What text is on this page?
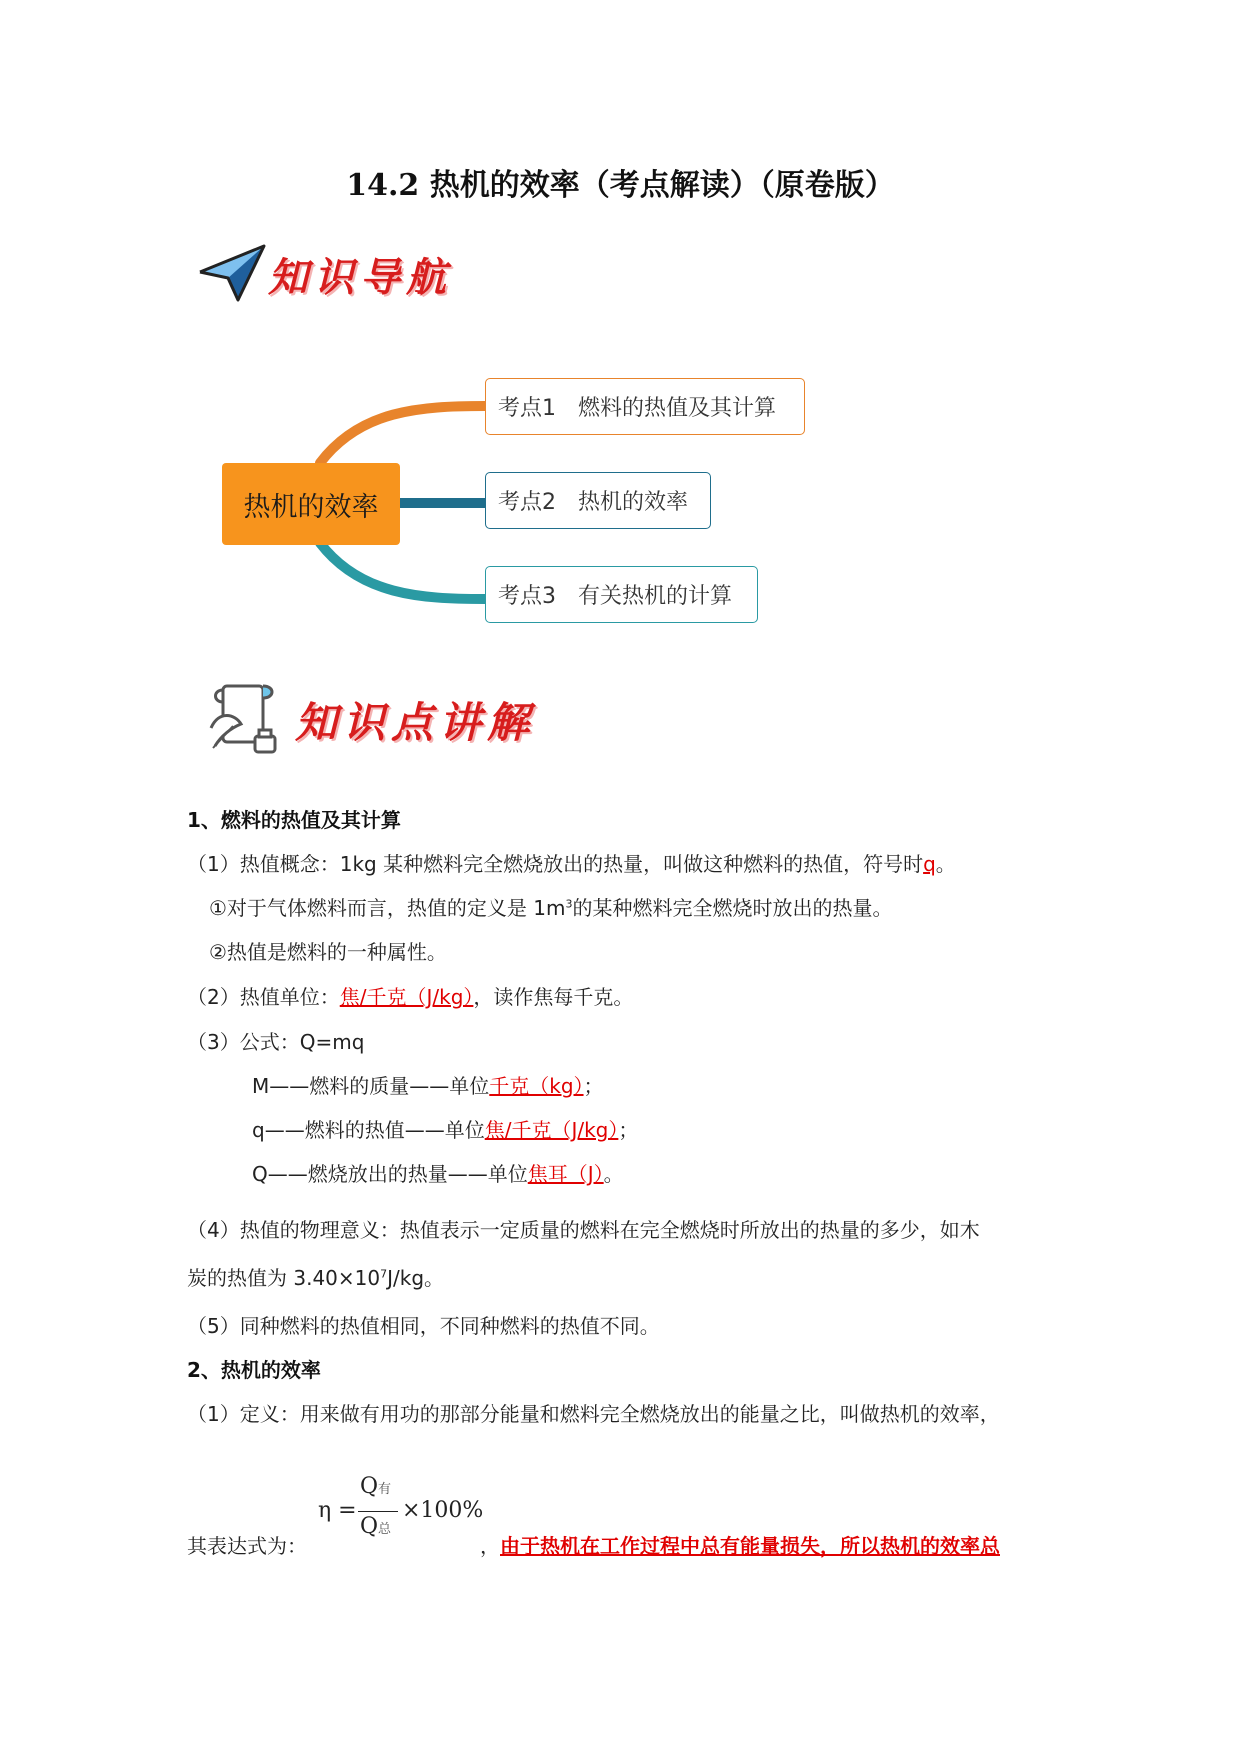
14.2 热机的效率（考点解读）（原卷版）
知识导航
热机的效率
考点1 燃料的热值及其计算
考点2 热机的效率
考点3 有关热机的计算
知识点讲解
1、燃料的热值及其计算
（1）热值概念：1kg 某种燃料完全燃烧放出的热量，叫做这种燃料的热值，符号时q。
①对于气体燃料而言，热值的定义是 $1m^3$的某种燃料完全燃烧时放出的热量。
②热值是燃料的一种属性。
（2）热值单位：焦/千克（J/kg），读作焦每千克。
（3）公式：Q=mq
M——燃料的质量——单位千克（kg）；
q——燃料的热值——单位焦/千克（J/kg）；
Q——燃烧放出的热量——单位焦耳（J）。
（4）热值的物理意义：热值表示一定质量的燃料在完全燃烧时所放出的热量的多少，如木
炭的热值为 $3.40\times 10^7J/kg$。
（5）同种燃料的热值相同，不同种燃料的热值不同。
2、热机的效率
（1）定义：用来做有用功的那部分能量和燃料完全燃烧放出的能量之比，叫做热机的效率，
η =
Q有
Q总
×100%
其表达式为：	，由于热机在工作过程中总有能量损失，所以热机的效率总
